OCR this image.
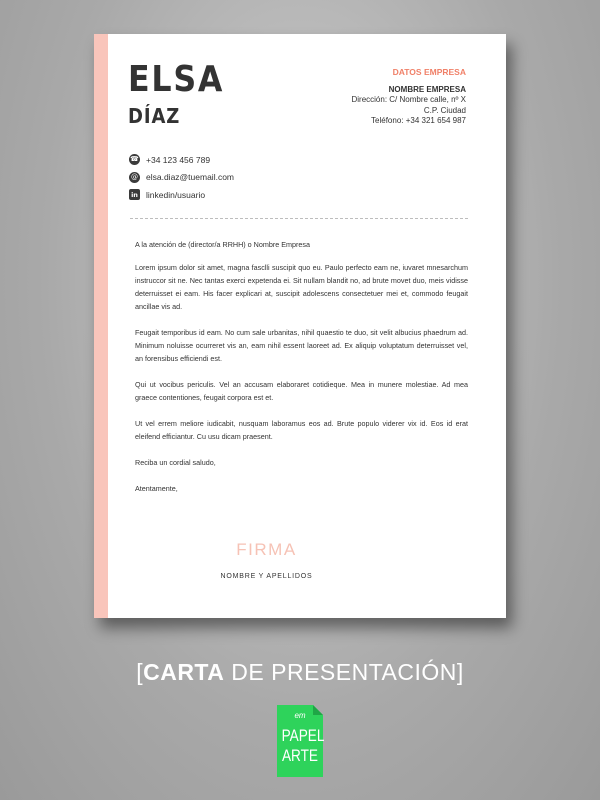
ELSA
DÍAZ
DATOS EMPRESA
NOMBRE EMPRESA
Dirección: C/ Nombre calle, nº X
C.P. Ciudad
Teléfono: +34 321 654 987
☎ +34 123 456 789
@ elsa.diaz@tuemail.com
in linkedin/usuario

A la atención de (director/a RRHH) o Nombre Empresa

Lorem ipsum dolor sit amet, magna fasclli suscipit quo eu. Paulo perfecto eam ne, iuvaret mnesarchum instruccor sit ne. Nec tantas exerci expetenda ei. Sit nullam blandit no, ad brute movet duo, meis vidisse deterruisset ei eam. His facer explicari at, suscipit adolescens consectetuer mei et, commodo feugait ancillae vis ad.

Feugait temporibus id eam. No cum sale urbanitas, nihil quaestio te duo, sit velit albucius phaedrum ad. Minimum noluisse ocurreret vis an, eam nihil essent laoreet ad. Ex aliquip voluptatum deterruisset vel, an forensibus efficiendi est.

Qui ut vocibus periculis. Vel an accusam elaboraret cotidieque. Mea in munere molestiae. Ad mea graece contentiones, feugait corpora est et.

Ut vel errem meliore iudicabit, nusquam laboramus eos ad. Brute populo viderer vix id. Eos id erat eleifend efficiantur. Cu usu dicam praesent.

Reciba un cordial saludo,

Atentamente,

FIRMA
NOMBRE Y APELLIDOS
[CARTA DE PRESENTACIÓN]
em
PAPEL
ARTE
